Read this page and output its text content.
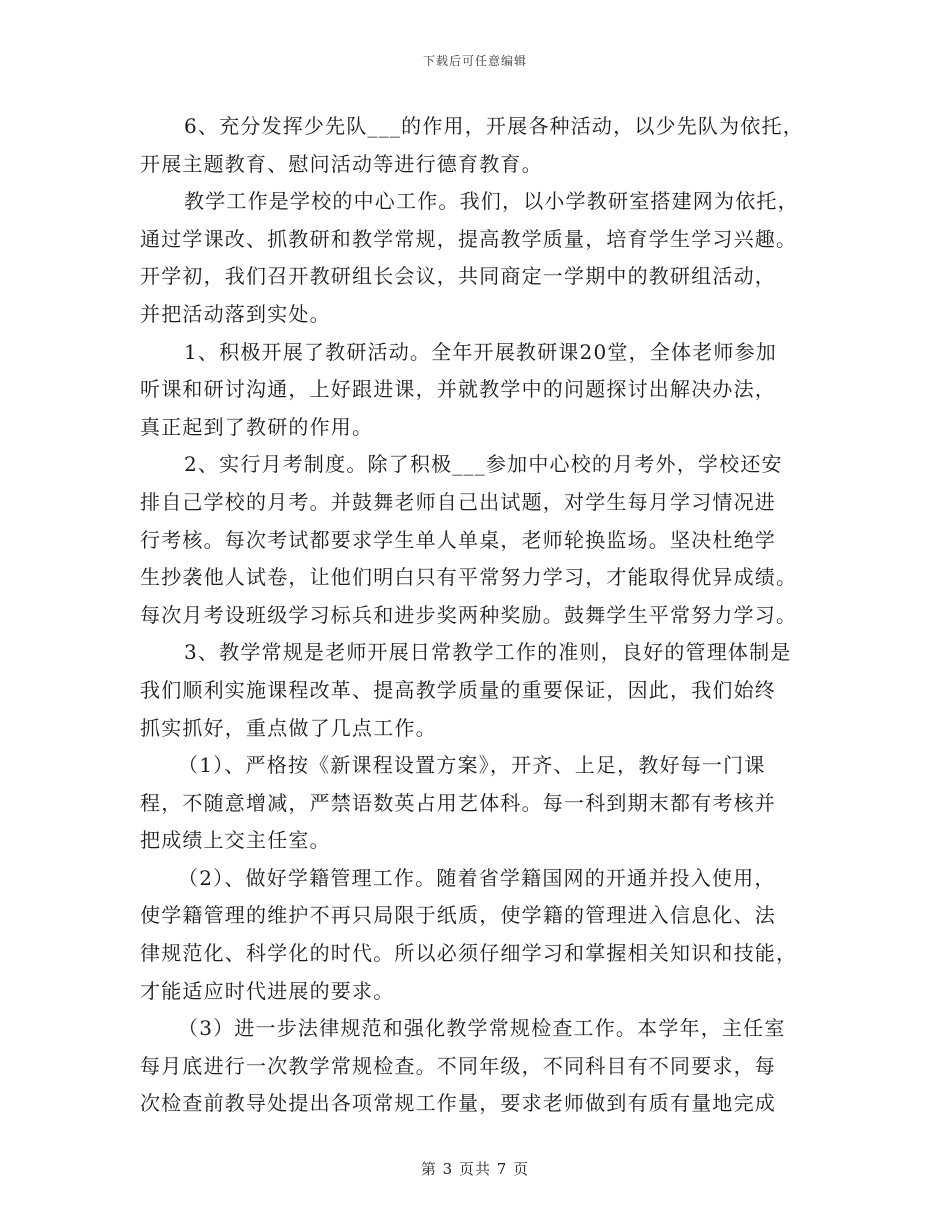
下载后可任意编辑
6、充分发挥少先队___的作用，开展各种活动，以少先队为依托，
开展主题教育、慰问活动等进行德育教育。
教学工作是学校的中心工作。我们，以小学教研室搭建网为依托，
通过学课改、抓教研和教学常规，提高教学质量，培育学生学习兴趣。
开学初，我们召开教研组长会议，共同商定一学期中的教研组活动，
并把活动落到实处。
1、积极开展了教研活动。全年开展教研课20堂，全体老师参加
听课和研讨沟通，上好跟进课，并就教学中的问题探讨出解决办法，
真正起到了教研的作用。
2、实行月考制度。除了积极___参加中心校的月考外，学校还安
排自己学校的月考。并鼓舞老师自己出试题，对学生每月学习情况进
行考核。每次考试都要求学生单人单桌，老师轮换监场。坚决杜绝学
生抄袭他人试卷，让他们明白只有平常努力学习，才能取得优异成绩。
每次月考设班级学习标兵和进步奖两种奖励。鼓舞学生平常努力学习。
3、教学常规是老师开展日常教学工作的准则，良好的管理体制是
我们顺利实施课程改革、提高教学质量的重要保证，因此，我们始终
抓实抓好，重点做了几点工作。
（1）、严格按《新课程设置方案》，开齐、上足，教好每一门课
程，不随意增减，严禁语数英占用艺体科。每一科到期末都有考核并
把成绩上交主任室。
（2）、做好学籍管理工作。随着省学籍国网的开通并投入使用，
使学籍管理的维护不再只局限于纸质，使学籍的管理进入信息化、法
律规范化、科学化的时代。所以必须仔细学习和掌握相关知识和技能，
才能适应时代进展的要求。
（3）进一步法律规范和强化教学常规检查工作。本学年，主任室
每月底进行一次教学常规检查。不同年级，不同科目有不同要求，每
次检查前教导处提出各项常规工作量，要求老师做到有质有量地完成
第 3 页共 7 页
